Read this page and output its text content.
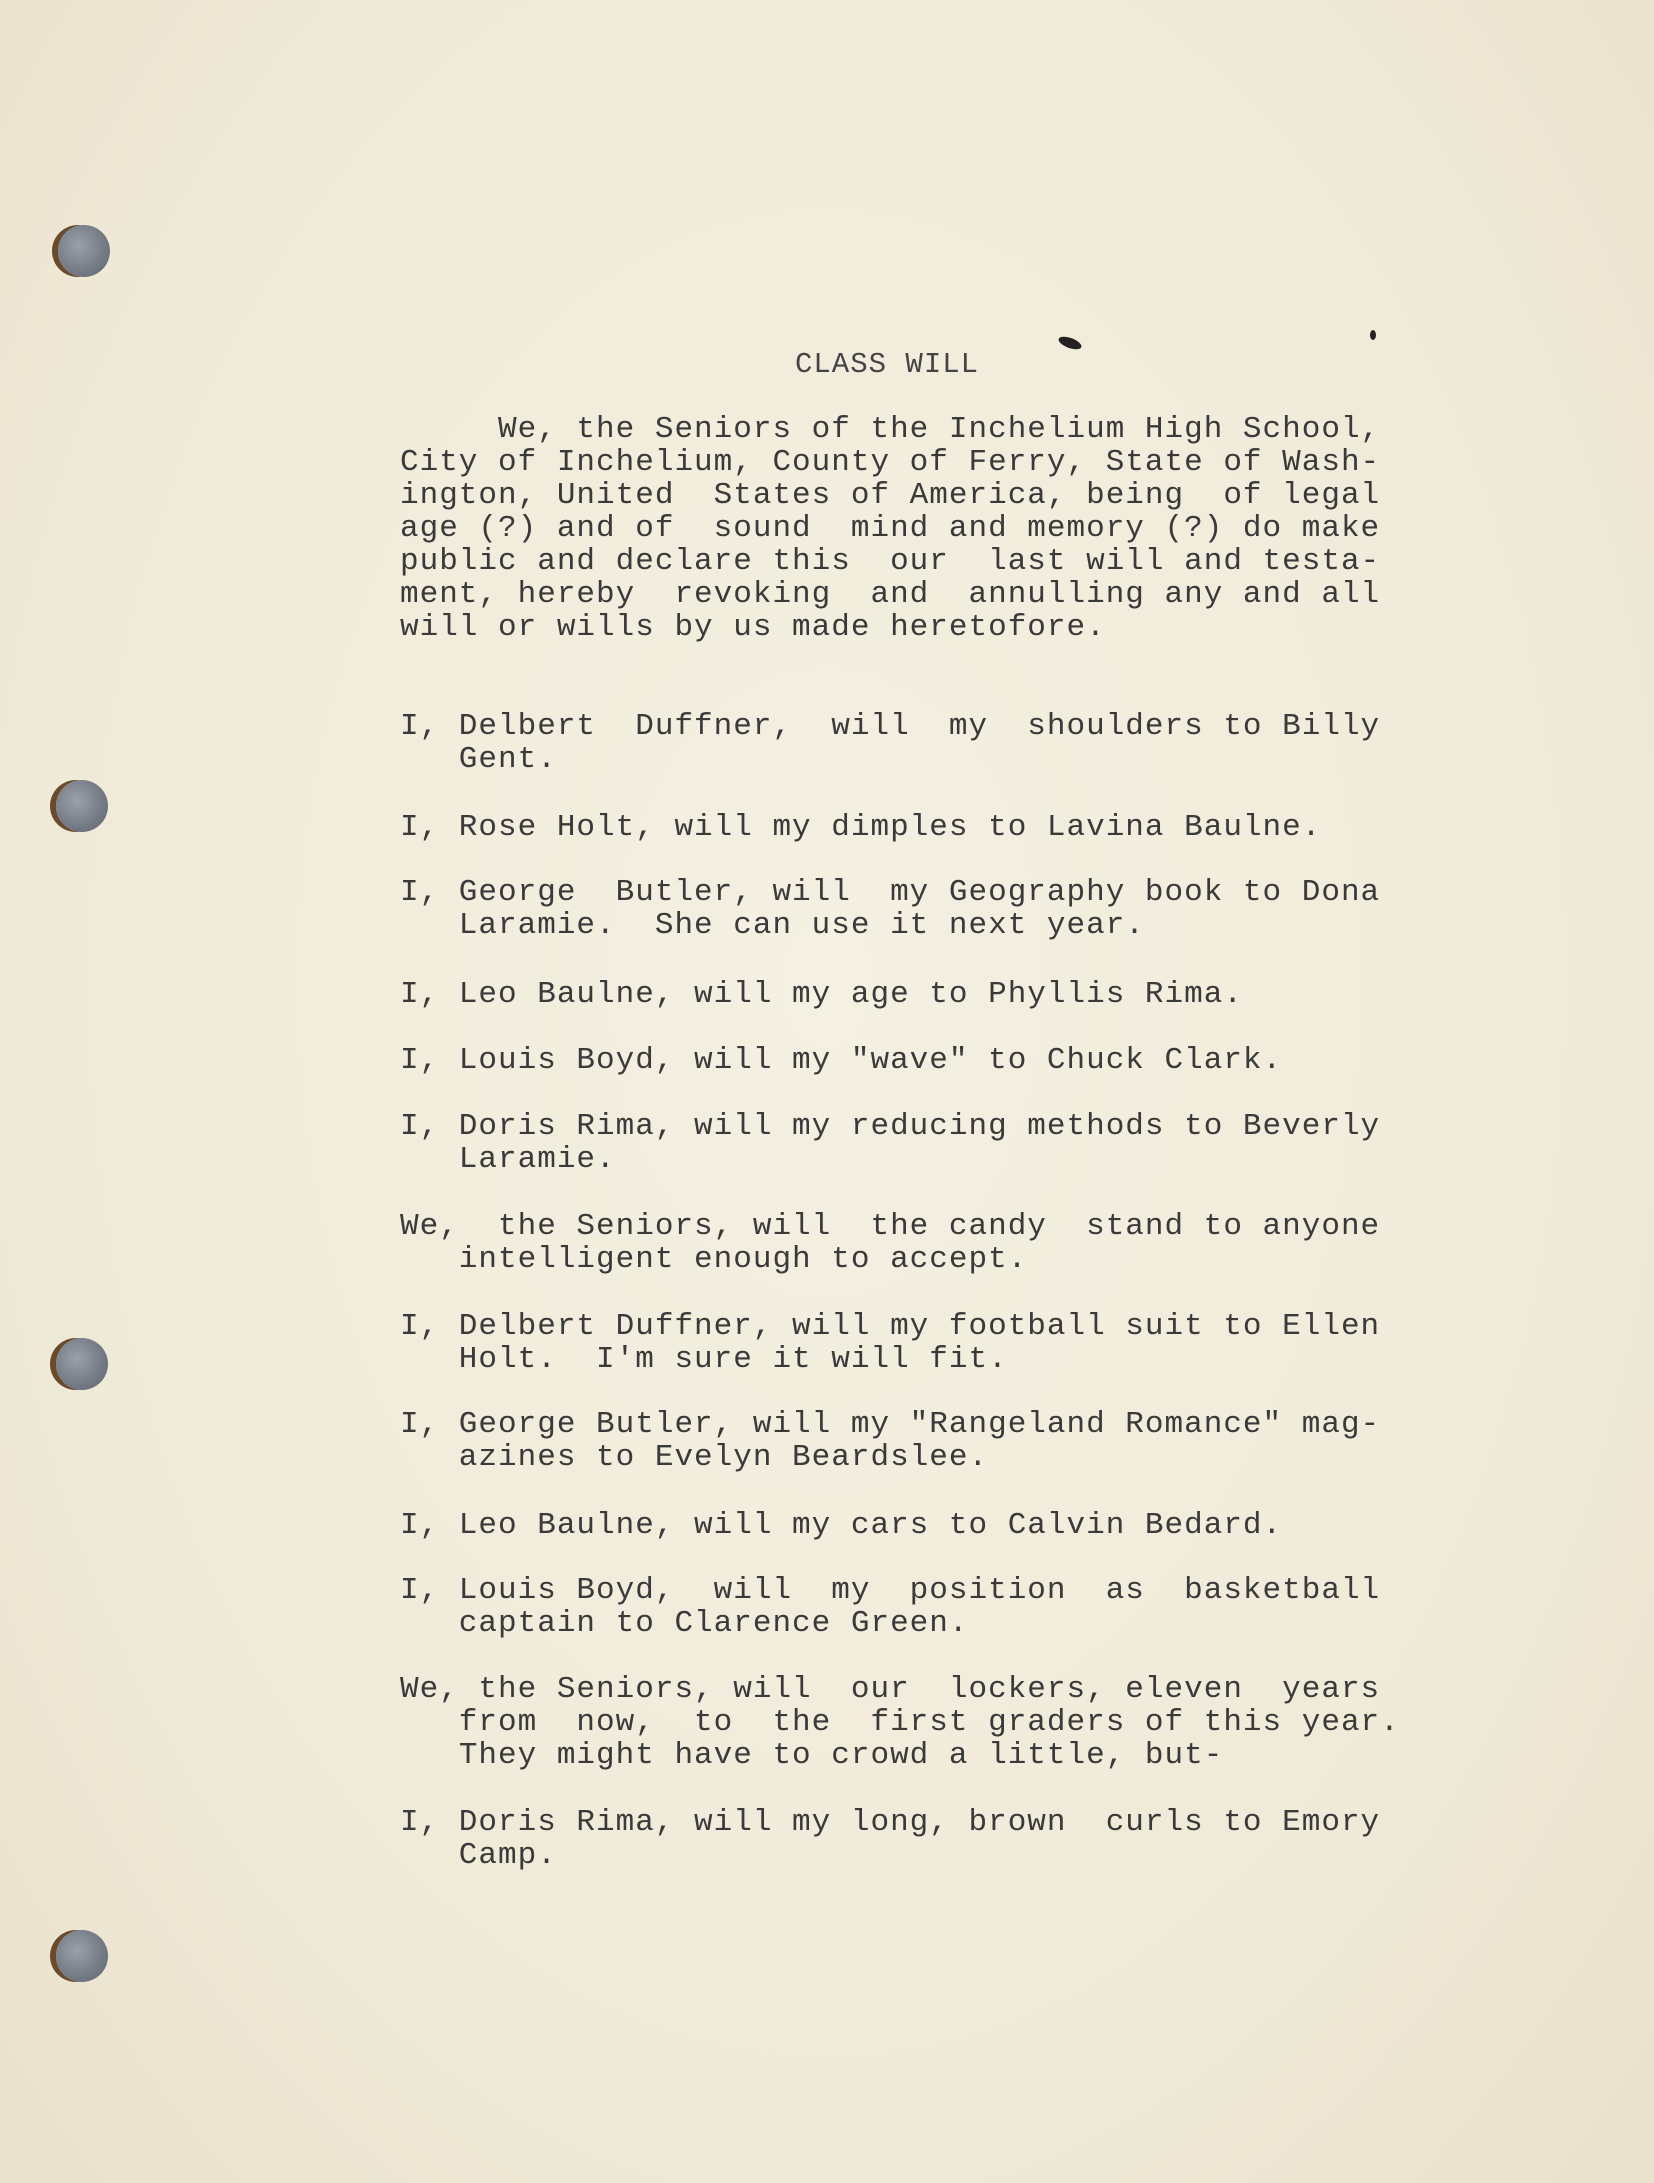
CLASS WILL
We, the Seniors of the Inchelium High School,
City of Inchelium, County of Ferry, State of Wash-
ington, United  States of America, being  of legal
age (?) and of  sound  mind and memory (?) do make
public and declare this  our  last will and testa-
ment, hereby  revoking  and  annulling any and all
will or wills by us made heretofore.
I, Delbert  Duffner,  will  my  shoulders to Billy
Gent.
I, Rose Holt, will my dimples to Lavina Baulne.
I, George  Butler, will  my Geography book to Dona
Laramie.  She can use it next year.
I, Leo Baulne, will my age to Phyllis Rima.
I, Louis Boyd, will my "wave" to Chuck Clark.
I, Doris Rima, will my reducing methods to Beverly
Laramie.
We,  the Seniors, will  the candy  stand to anyone
intelligent enough to accept.
I, Delbert Duffner, will my football suit to Ellen
Holt.  I'm sure it will fit.
I, George Butler, will my "Rangeland Romance" mag-
azines to Evelyn Beardslee.
I, Leo Baulne, will my cars to Calvin Bedard.
I, Louis Boyd,  will  my  position  as  basketball
captain to Clarence Green.
We, the Seniors, will  our  lockers, eleven  years
from  now,  to  the  first graders of this year.
They might have to crowd a little, but-
I, Doris Rima, will my long, brown  curls to Emory
Camp.
